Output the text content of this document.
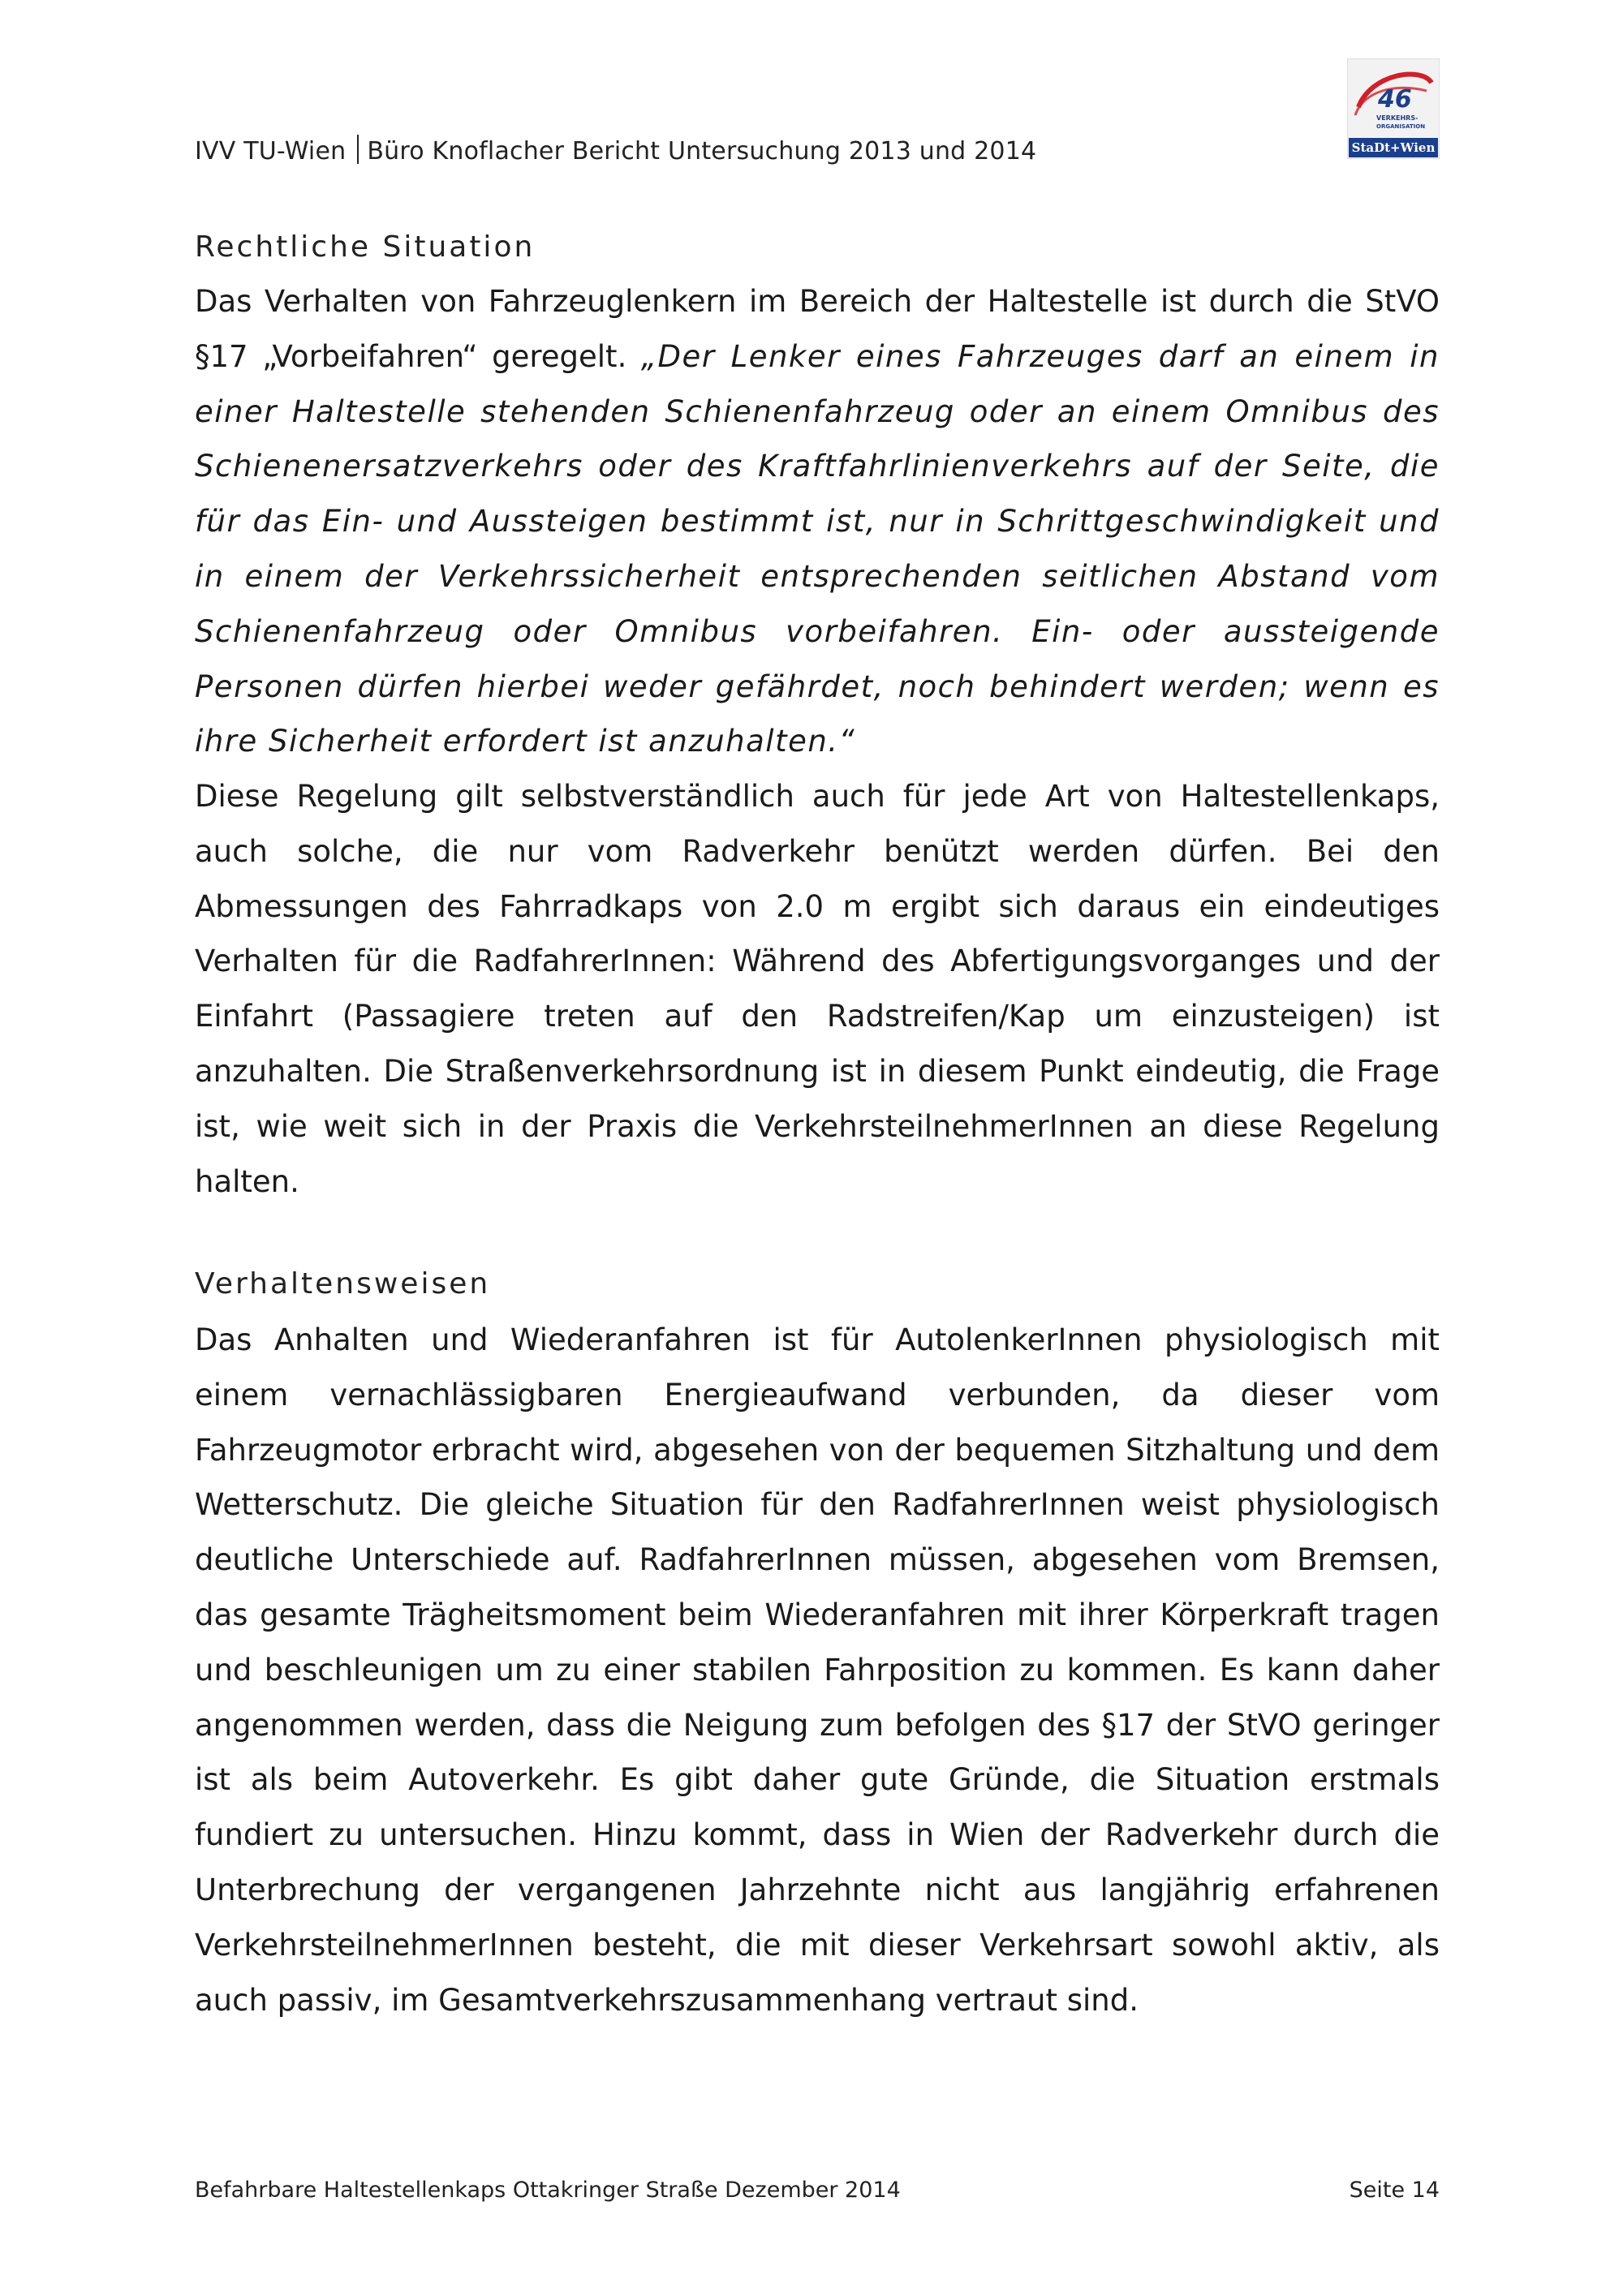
IVV TU-Wien Büro Knoflacher Bericht Untersuchung 2013 und 2014
46
VERKEHRS-
ORGANISATION
StaDt+Wien
Rechtliche Situation
Das Verhalten von Fahrzeuglenkern im Bereich der Haltestelle ist durch die StVO §17 „Vorbeifahren“ geregelt. „Der Lenker eines Fahrzeuges darf an einem in einer Haltestelle stehenden Schienenfahrzeug oder an einem Omnibus des Schienenersatzverkehrs oder des Kraftfahrlinienverkehrs auf der Seite, die für das Ein- und Aussteigen bestimmt ist, nur in Schrittgeschwindigkeit und in einem der Verkehrssicherheit entsprechenden seitlichen Abstand vom Schienenfahrzeug oder Omnibus vorbeifahren. Ein- oder aussteigende Personen dürfen hierbei weder gefährdet, noch behindert werden; wenn es ihre Sicherheit erfordert ist anzuhalten.“
Diese Regelung gilt selbstverständlich auch für jede Art von Haltestellenkaps, auch solche, die nur vom Radverkehr benützt werden dürfen. Bei den Abmessungen des Fahrradkaps von 2.0 m ergibt sich daraus ein eindeutiges Verhalten für die RadfahrerInnen: Während des Abfertigungsvorganges und der Einfahrt (Passagiere treten auf den Radstreifen/Kap um einzusteigen) ist anzuhalten. Die Straßenverkehrsordnung ist in diesem Punkt eindeutig, die Frage ist, wie weit sich in der Praxis die VerkehrsteilnehmerInnen an diese Regelung halten.
Verhaltensweisen
Das Anhalten und Wiederanfahren ist für AutolenkerInnen physiologisch mit einem vernachlässigbaren Energieaufwand verbunden, da dieser vom Fahrzeugmotor erbracht wird, abgesehen von der bequemen Sitzhaltung und dem Wetterschutz. Die gleiche Situation für den RadfahrerInnen weist physiologisch deutliche Unterschiede auf. RadfahrerInnen müssen, abgesehen vom Bremsen, das gesamte Trägheitsmoment beim Wiederanfahren mit ihrer Körperkraft tragen und beschleunigen um zu einer stabilen Fahrposition zu kommen. Es kann daher angenommen werden, dass die Neigung zum befolgen des §17 der StVO geringer ist als beim Autoverkehr. Es gibt daher gute Gründe, die Situation erstmals fundiert zu untersuchen. Hinzu kommt, dass in Wien der Radverkehr durch die Unterbrechung der vergangenen Jahrzehnte nicht aus langjährig erfahrenen VerkehrsteilnehmerInnen besteht, die mit dieser Verkehrsart sowohl aktiv, als auch passiv, im Gesamtverkehrszusammenhang vertraut sind.
Befahrbare Haltestellenkaps Ottakringer Straße Dezember 2014	Seite 14
